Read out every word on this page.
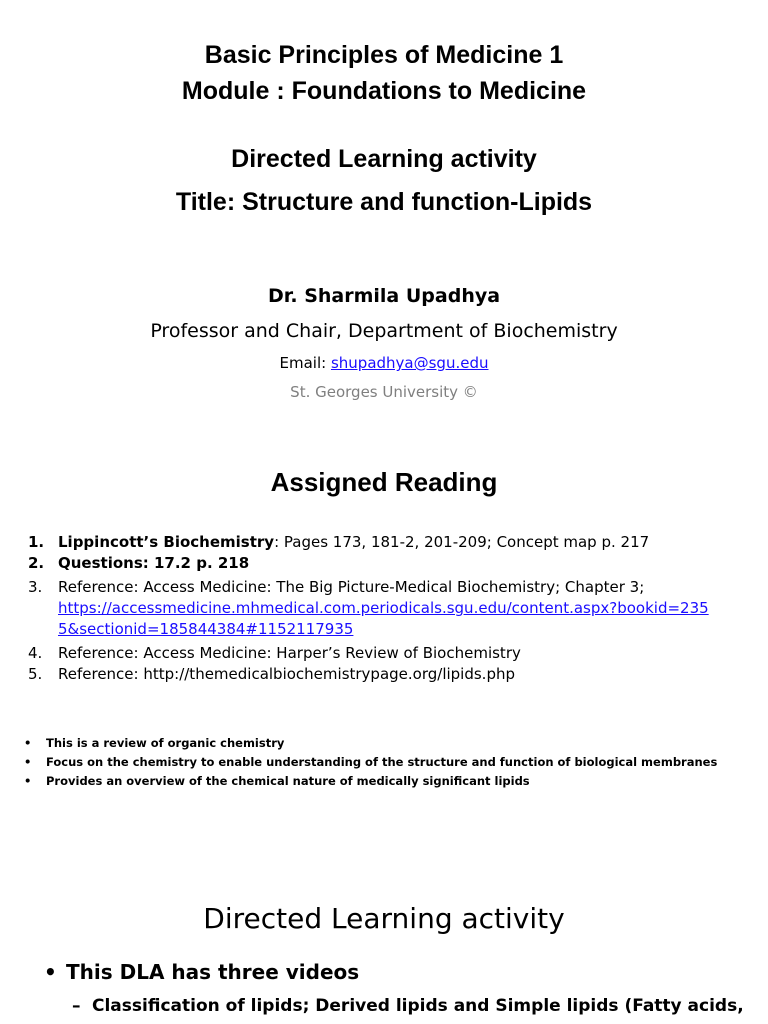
Basic Principles of Medicine 1
Module : Foundations to Medicine
Directed Learning activity
Title: Structure and function-Lipids
Dr. Sharmila Upadhya
Professor and Chair, Department of Biochemistry
Email: shupadhya@sgu.edu
St. Georges University ©
Assigned Reading
1. Lippincott’s Biochemistry: Pages 173, 181-2, 201-209; Concept map p. 217
2. Questions: 17.2 p. 218
3.	Reference: Access Medicine: The Big Picture-Medical Biochemistry; Chapter 3;
https://accessmedicine.mhmedical.com.periodicals.sgu.edu/content.aspx?bookid=235
5&sectionid=185844384#1152117935
4.	Reference: Access Medicine: Harper’s Review of Biochemistry
5.	Reference: http://themedicalbiochemistrypage.org/lipids.php
•	This is a review of organic chemistry
•	Focus on the chemistry to enable understanding of the structure and function of biological membranes
•	Provides an overview of the chemical nature of medically significant lipids
Directed Learning activity
• This DLA has three videos
– Classification of lipids; Derived lipids and Simple lipids (Fatty acids,
